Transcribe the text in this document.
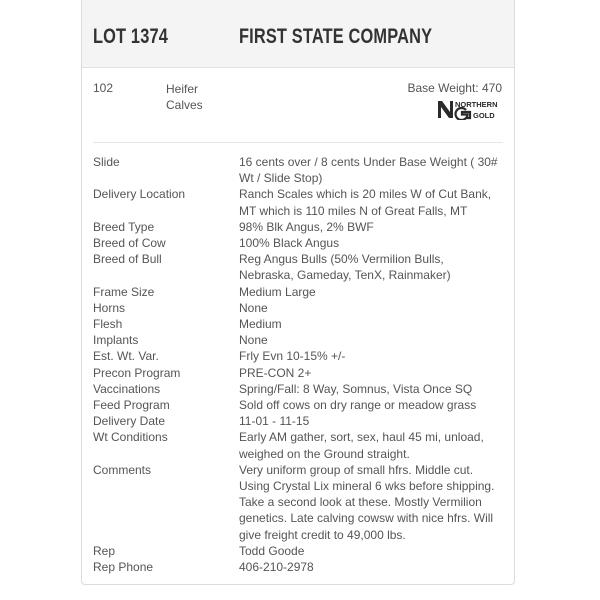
LOT 1374	FIRST STATE COMPANY
102	Heifer
Calves
Base Weight: 470
NORTHERN
GOLD
Slide	16 cents over / 8 cents Under Base Weight ( 30# Wt / Slide Stop)
Delivery Location	Ranch Scales which is 20 miles W of Cut Bank, MT which is 110 miles N of Great Falls, MT
Breed Type	98% Blk Angus, 2% BWF
Breed of Cow	100% Black Angus
Breed of Bull	Reg Angus Bulls (50% Vermilion Bulls, Nebraska, Gameday, TenX, Rainmaker)
Frame Size	Medium Large
Horns	None
Flesh	Medium
Implants	None
Est. Wt. Var.	Frly Evn 10-15% +/-
Precon Program	PRE-CON 2+
Vaccinations	Spring/Fall: 8 Way, Somnus, Vista Once SQ
Feed Program	Sold off cows on dry range or meadow grass
Delivery Date	11-01 - 11-15
Wt Conditions	Early AM gather, sort, sex, haul 45 mi, unload, weighed on the Ground straight.
Comments	Very uniform group of small hfrs. Middle cut. Using Crystal Lix mineral 6 wks before shipping. Take a second look at these. Mostly Vermilion genetics. Late calving cowsw with nice hfrs. Will give freight credit to 49,000 lbs.
Rep	Todd Goode
Rep Phone	406-210-2978
